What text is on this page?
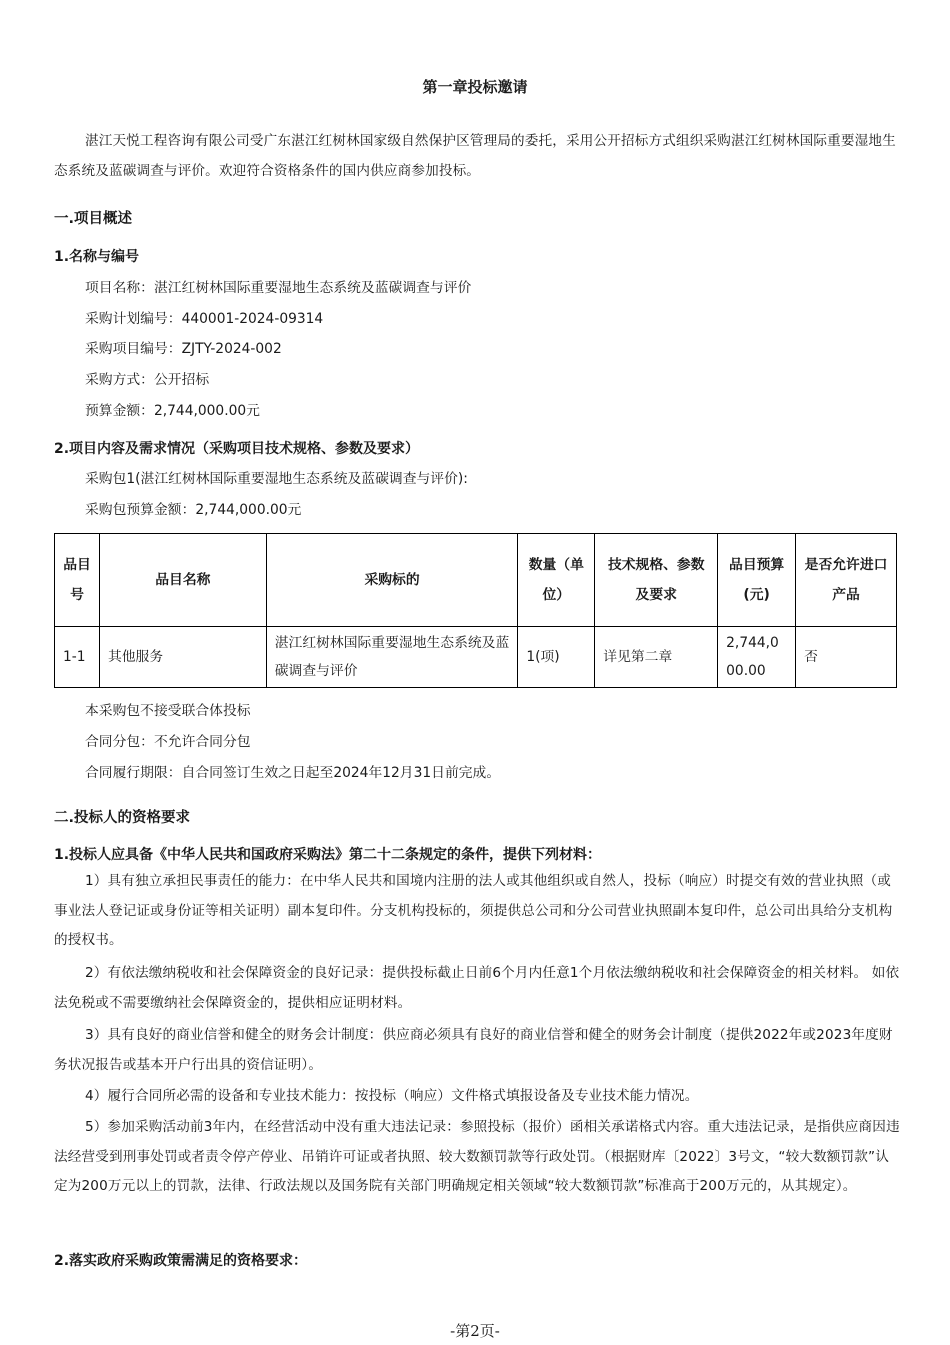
第一章投标邀请
湛江天悦工程咨询有限公司受广东湛江红树林国家级自然保护区管理局的委托，采用公开招标方式组织采购湛江红树林国际重要湿地生态系统及蓝碳调查与评价。欢迎符合资格条件的国内供应商参加投标。
一.项目概述
1.名称与编号
项目名称：湛江红树林国际重要湿地生态系统及蓝碳调查与评价
采购计划编号：440001-2024-09314
采购项目编号：ZJTY-2024-002
采购方式：公开招标
预算金额：2,744,000.00元
2.项目内容及需求情况（采购项目技术规格、参数及要求）
采购包1(湛江红树林国际重要湿地生态系统及蓝碳调查与评价):
采购包预算金额：2,744,000.00元
品目号	品目名称	采购标的	数量（单位）	技术规格、参数及要求	品目预算(元)	是否允许进口产品
1-1	其他服务	湛江红树林国际重要湿地生态系统及蓝碳调查与评价	1(项)	详见第二章	2,744,000.00	否
本采购包不接受联合体投标
合同分包：不允许合同分包
合同履行期限：自合同签订生效之日起至2024年12月31日前完成。
二.投标人的资格要求
1.投标人应具备《中华人民共和国政府采购法》第二十二条规定的条件，提供下列材料：
1）具有独立承担民事责任的能力：在中华人民共和国境内注册的法人或其他组织或自然人，投标（响应）时提交有效的营业执照（或事业法人登记证或身份证等相关证明）副本复印件。分支机构投标的，须提供总公司和分公司营业执照副本复印件，总公司出具给分支机构的授权书。
2）有依法缴纳税收和社会保障资金的良好记录：提供投标截止日前6个月内任意1个月依法缴纳税收和社会保障资金的相关材料。 如依法免税或不需要缴纳社会保障资金的，提供相应证明材料。
3）具有良好的商业信誉和健全的财务会计制度：供应商必须具有良好的商业信誉和健全的财务会计制度（提供2022年或2023年度财务状况报告或基本开户行出具的资信证明）。
4）履行合同所必需的设备和专业技术能力：按投标（响应）文件格式填报设备及专业技术能力情况。
5）参加采购活动前3年内，在经营活动中没有重大违法记录：参照投标（报价）函相关承诺格式内容。重大违法记录，是指供应商因违法经营受到刑事处罚或者责令停产停业、吊销许可证或者执照、较大数额罚款等行政处罚。（根据财库〔2022〕3号文，“较大数额罚款”认定为200万元以上的罚款，法律、行政法规以及国务院有关部门明确规定相关领域“较大数额罚款”标准高于200万元的，从其规定）。
2.落实政府采购政策需满足的资格要求：
-第2页-
